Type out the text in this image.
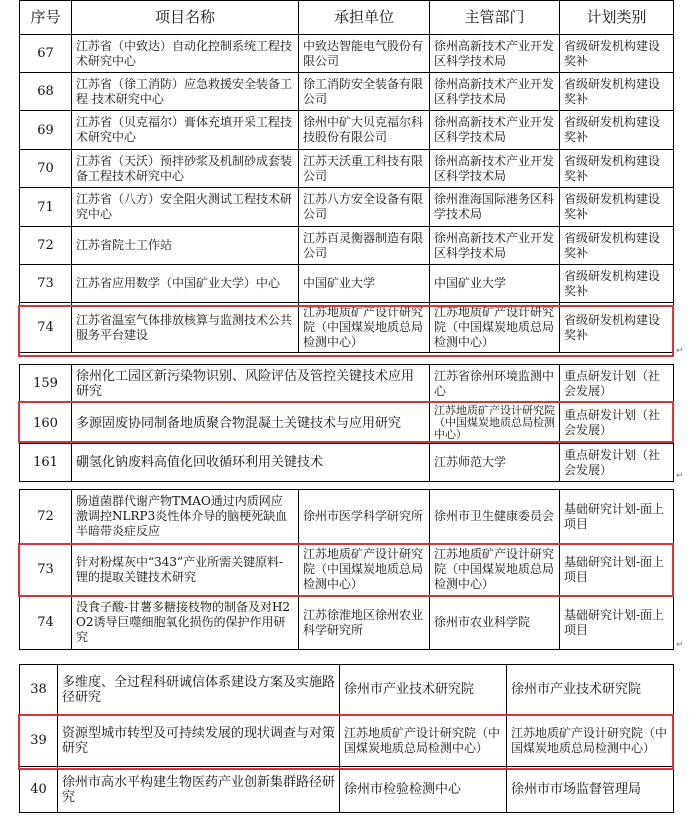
序号	项目名称	承担单位	主管部门	计划类别
67	江苏省（中致达）自动化控制系统工程技术研究中心	中致达智能电气股份有限公司	徐州高新技术产业开发区科学技术局	省级研发机构建设奖补
68	江苏省（徐工消防）应急救援安全装备工程 技术研究中心	徐工消防安全装备有限公司	徐州高新技术产业开发区科学技术局	省级研发机构建设奖补
69	江苏省（贝克福尔）膏体充填开采工程技术研究中心	徐州中矿大贝克福尔科技股份有限公司	徐州高新技术产业开发区科学技术局	省级研发机构建设奖补
70	江苏省（天沃）预拌砂浆及机制砂成套装备工程技术研究中心	江苏天沃重工科技有限公司	徐州高新技术产业开发区科学技术局	省级研发机构建设奖补
71	江苏省（八方）安全阻火测试工程技术研究中心	江苏八方安全设备有限公司	徐州淮海国际港务区科学技术局	省级研发机构建设奖补
72	江苏省院士工作站	江苏百灵衡器制造有限公司	徐州高新技术产业开发区科学技术局	省级研发机构建设奖补
73	江苏省应用数学（中国矿业大学）中心	中国矿业大学	中国矿业大学	省级研发机构建设奖补
74	江苏省温室气体排放核算与监测技术公共服务平台建设	江苏地质矿产设计研究院（中国煤炭地质总局检测中心）	江苏地质矿产设计研究院（中国煤炭地质总局检测中心）	省级研发机构建设奖补
↵
159	徐州化工园区新污染物识别、风险评估及管控关键技术应用研究	江苏省徐州环境监测中心	重点研发计划（社会发展）
160	多源固废协同制备地质聚合物混凝土关键技术与应用研究	江苏地质矿产设计研究院（中国煤炭地质总局检测中心）	重点研发计划（社会发展）
161	硼氢化钠废料高值化回收循环利用关键技术	江苏师范大学	重点研发计划（社会发展）	↵
72	肠道菌群代谢产物TMAO通过内质网应激调控NLRP3炎性体介导的脑梗死缺血半暗带炎症反应	徐州市医学科学研究所	徐州市卫生健康委员会	基础研究计划-面上项目
73	针对粉煤灰中“343”产业所需关键原料-锂的提取关键技术研究	江苏地质矿产设计研究院（中国煤炭地质总局检测中心）	江苏地质矿产设计研究院（中国煤炭地质总局检测中心）	基础研究计划-面上项目
74	没食子酸-甘薯多糖接枝物的制备及对H2O2诱导巨噬细胞氧化损伤的保护作用研究	江苏徐淮地区徐州农业科学研究所	徐州市农业科学院	基础研究计划-面上项目
↵
38	多维度、全过程科研诚信体系建设方案及实施路径研究	徐州市产业技术研究院	徐州市产业技术研究院
39	资源型城市转型及可持续发展的现状调查与对策研究	江苏地质矿产设计研究院（中国煤炭地质总局检测中心）	江苏地质矿产设计研究院（中国煤炭地质总局检测中心）
40	徐州市高水平构建生物医药产业创新集群路径研究	徐州市检验检测中心	徐州市市场监督管理局
